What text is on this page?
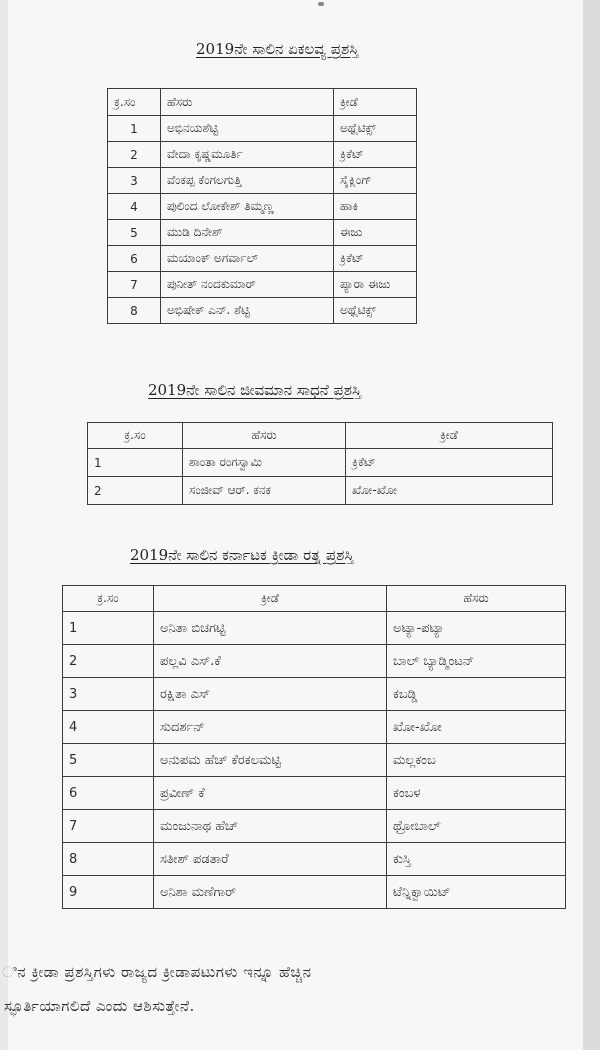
2019ನೇ ಸಾಲಿನ ಏಕಲವ್ಯ ಪ್ರಶಸ್ತಿ
ಕ್ರ.ಸಂ	ಹೆಸರು	ಕ್ರೀಡೆ
1	ಅಭಿನಯಶೆಟ್ಟಿ	ಅಥ್ಲೆಟಿಕ್ಸ್
2	ವೇದಾ ಕೃಷ್ಣಮೂರ್ತಿ	ಕ್ರಿಕೆಟ್
3	ವೆಂಕಪ್ಪ ಕೆಂಗಲಗುತ್ತಿ	ಸೈಕ್ಲಿಂಗ್
4	ಪುಲಿಂದ ಲೋಕೇಶ್ ತಿಮ್ಮಣ್ಣ	ಹಾಕಿ
5	ಮುಡಿ ದಿನೇಶ್	ಈಜು
6	ಮಯಾಂಕ್ ಅಗರ್ವಾಲ್	ಕ್ರಿಕೆಟ್
7	ಪುನೀತ್ ನಂದಕುಮಾರ್	ಪ್ಯಾರಾ ಈಜು
8	ಅಭಿಷೇಕ್ ಎನ್. ಶೆಟ್ಟಿ	ಅಥ್ಲೆಟಿಕ್ಸ್
2019ನೇ ಸಾಲಿನ ಜೀವಮಾನ ಸಾಧನೆ ಪ್ರಶಸ್ತಿ
ಕ್ರ.ಸಂ	ಹೆಸರು	ಕ್ರೀಡೆ
1	ಶಾಂತಾ ರಂಗಸ್ವಾಮಿ	ಕ್ರಿಕೆಟ್
2	ಸಂಜೀವ್ ಆರ್. ಕನಕ	ಖೋ-ಖೋ
2019ನೇ ಸಾಲಿನ ಕರ್ನಾಟಕ ಕ್ರೀಡಾ ರತ್ನ ಪ್ರಶಸ್ತಿ
ಕ್ರ.ಸಂ	ಕ್ರೀಡೆ	ಹೆಸರು
1	ಅನಿತಾ ಬಿಚಗಟ್ಟಿ	ಅಟ್ಯಾ-ಪಟ್ಯಾ
2	ಪಲ್ಲವಿ ಎಸ್.ಕೆ	ಬಾಲ್ ಬ್ಯಾಡ್ಮಿಂಟನ್
3	ರಕ್ಷಿತಾ ಎಸ್	ಕಬಡ್ಡಿ
4	ಸುದರ್ಶನ್	ಖೋ-ಖೋ
5	ಅನುಪಮ ಹೆಚ್ ಕೆರಕಲಮಟ್ಟಿ	ಮಲ್ಲಕಂಬ
6	ಪ್ರವೀಣ್ ಕೆ	ಕಂಬಳ
7	ಮಂಜುನಾಥ ಹೆಚ್	ಥ್ರೋಬಾಲ್
8	ಸತೀಶ್ ಪಡತಾರೆ	ಕುಸ್ತಿ
9	ಅನಿಶಾ ಮಣೆಗಾರ್	ಟೆನ್ನಿಕ್ವಾಯಿಟ್
ಿನ ಕ್ರೀಡಾ ಪ್ರಶಸ್ತಿಗಳು ರಾಜ್ಯದ ಕ್ರೀಡಾಪಟುಗಳು ಇನ್ನೂ ಹೆಚ್ಚಿನ
ಸ್ಫೂರ್ತಿಯಾಗಲಿದೆ ಎಂದು ಆಶಿಸುತ್ತೇನೆ.
